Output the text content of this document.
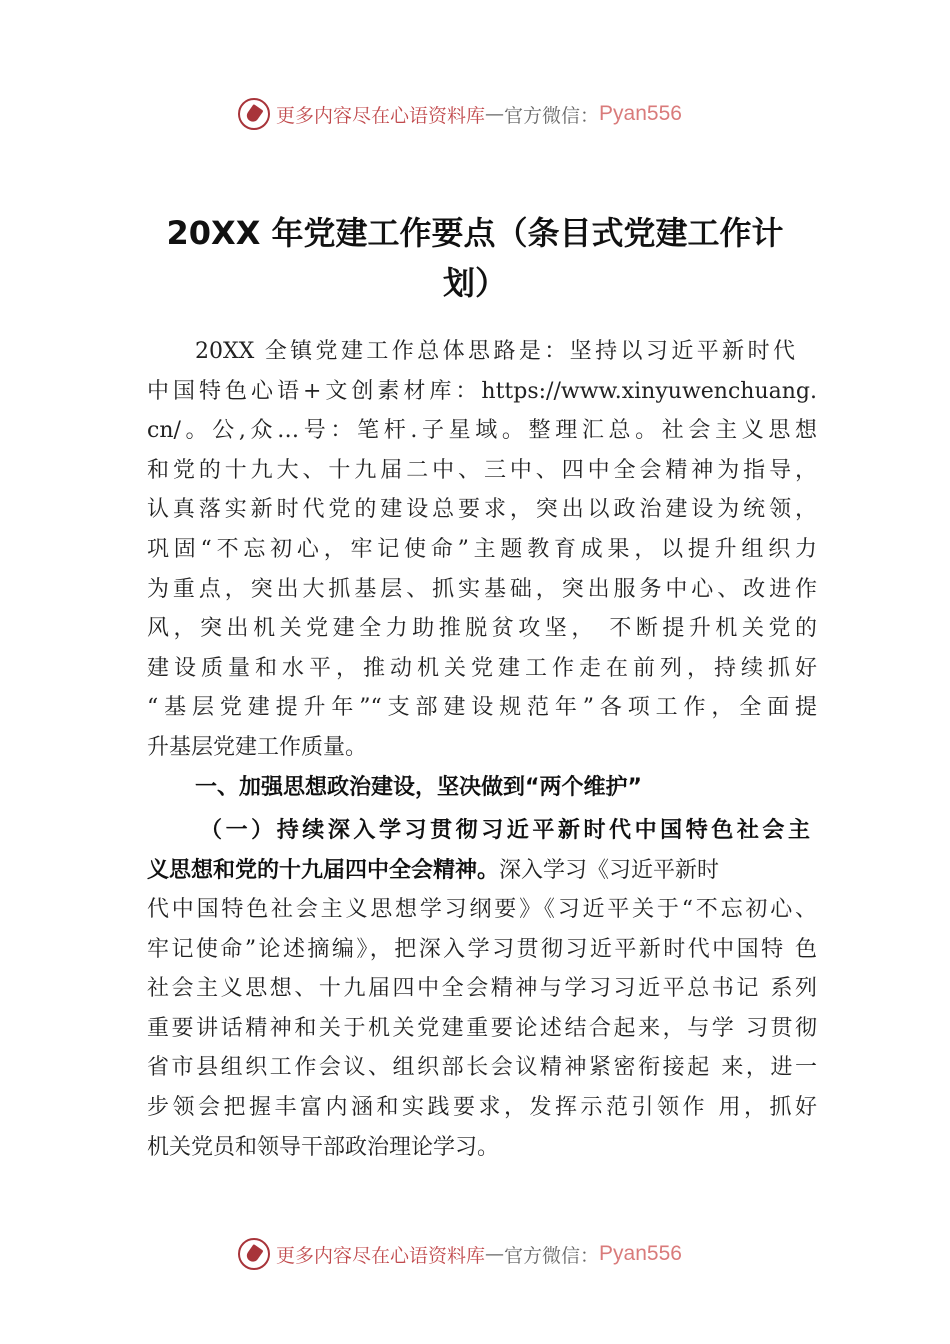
更多内容尽在心语资料库 — 官方微信： Pyan556
20XX 年党建工作要点（条目式党建工作计
划）
20XX 全镇党建工作总体思路是：坚持以习近平新时代
中国特色心语+文创素材库：https://www.xinyuwenchuang.
cn/。公,众…号：笔杆.子星域。整理汇总。社会主义思想
和党的十九大、十九届二中、三中、四中全会精神为指导，
认真落实新时代党的建设总要求，突出以政治建设为统领，
巩固“不忘初心，牢记使命”主题教育成果，以提升组织力
为重点，突出大抓基层、抓实基础，突出服务中心、改进作
风，突出机关党建全力助推脱贫攻坚， 不断提升机关党的
建设质量和水平，推动机关党建工作走在前列，持续抓好
“基层党建提升年”“支部建设规范年”各项工作，全面提
升基层党建工作质量。
一、加强思想政治建设，坚决做到“两个维护”
（一）持续深入学习贯彻习近平新时代中国特色社会主
义思想和党的十九届四中全会精神。深入学习《习近平新时
代中国特色社会主义思想学习纲要》《习近平关于“不忘初心、
牢记使命”论述摘编》，把深入学习贯彻习近平新时代中国特 色
社会主义思想、十九届四中全会精神与学习习近平总书记 系列
重要讲话精神和关于机关党建重要论述结合起来，与学 习贯彻
省市县组织工作会议、组织部长会议精神紧密衔接起 来，进一
步领会把握丰富内涵和实践要求，发挥示范引领作 用，抓好
机关党员和领导干部政治理论学习。
更多内容尽在心语资料库 — 官方微信： Pyan556
